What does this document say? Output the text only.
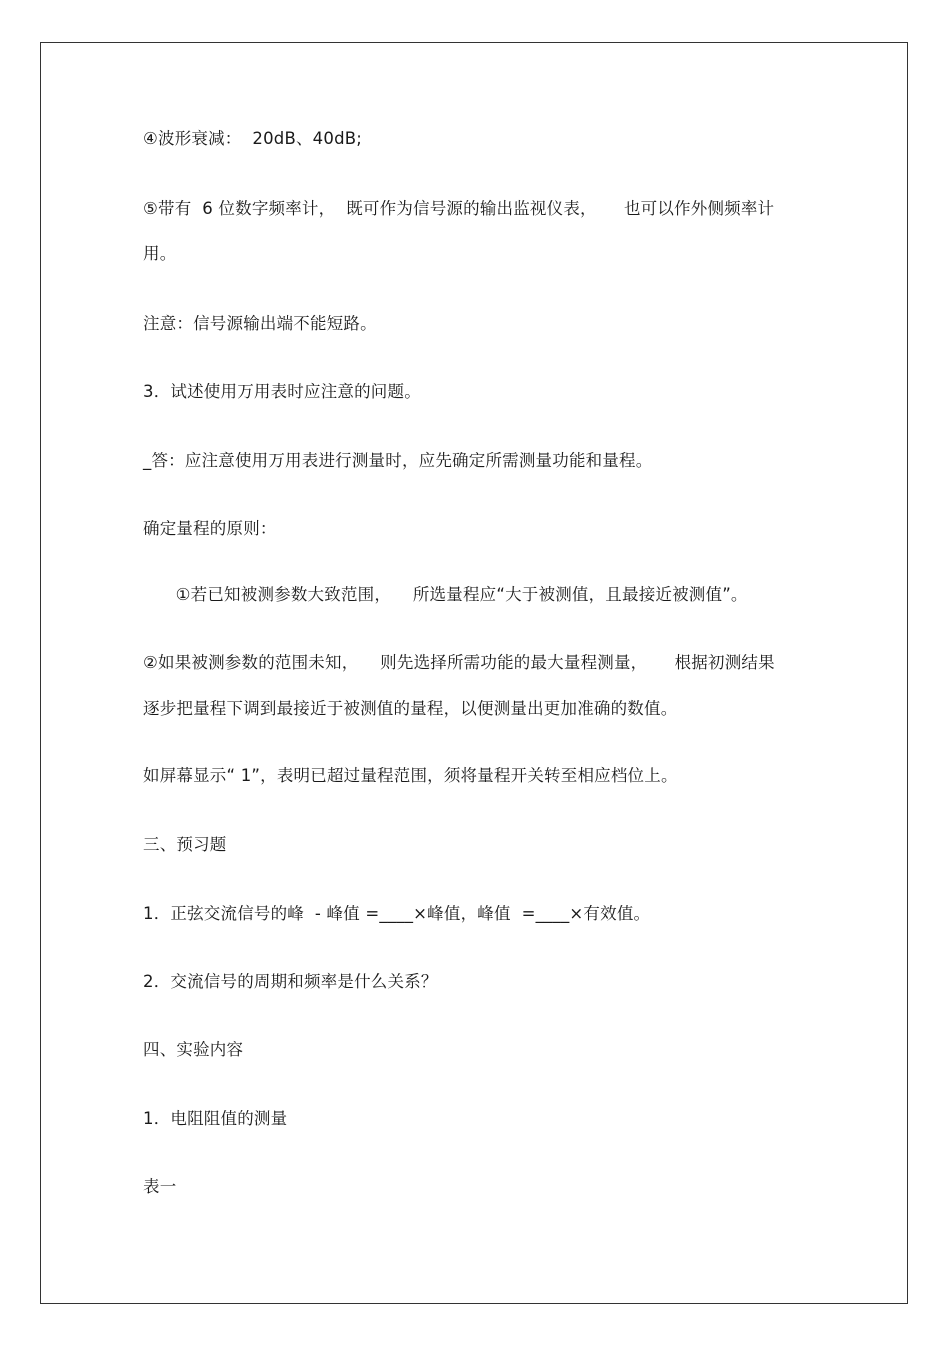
④波形衰减：  20dB、40dB;
⑤带有  6 位数字频率计，  既可作为信号源的输出监视仪表，     也可以作外侧频率计
用。
注意：信号源输出端不能短路。
3．试述使用万用表时应注意的问题。
_答：应注意使用万用表进行测量时，应先确定所需测量功能和量程。
确定量程的原则：
①若已知被测参数大致范围，    所选量程应“大于被测值，且最接近被测值”。
②如果被测参数的范围未知，    则先选择所需功能的最大量程测量，     根据初测结果
逐步把量程下调到最接近于被测值的量程，以便测量出更加准确的数值。
如屏幕显示“ 1”，表明已超过量程范围，须将量程开关转至相应档位上。
三、预习题
1．正弦交流信号的峰  - 峰值 =____×峰值，峰值  =____×有效值。
2．交流信号的周期和频率是什么关系？
四、实验内容
1．电阻阻值的测量
表一
